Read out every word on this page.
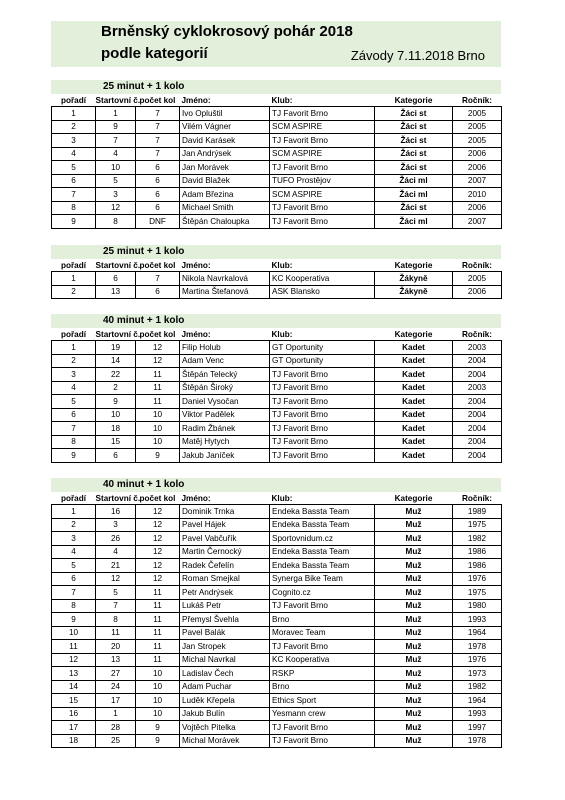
Brněnský cyklokrosový pohár 2018
podle kategorií	Závody 7.11.2018 Brno
25 minut + 1 kolo
pořadí	Startovní č.	počet kol	Jméno:	Klub:	Kategorie	Ročník:
1	1	7	Ivo Opluštil	TJ Favorit Brno	Žáci st	2005
2	9	7	Vilém Vágner	SCM ASPIRE	Žáci st	2005
3	7	7	David Karásek	TJ Favorit Brno	Žáci st	2005
4	4	7	Jan Andrýsek	SCM ASPIRE	Žáci st	2006
5	10	6	Jan Morávek	TJ Favorit Brno	Žáci st	2006
6	5	6	David Blažek	TUFO Prostějov	Žáci ml	2007
7	3	6	Adam Březina	SCM ASPIRE	Žáci ml	2010
8	12	6	Michael Smith	TJ Favorit Brno	Žáci st	2006
9	8	DNF	Štěpán Chaloupka	TJ Favorit Brno	Žáci ml	2007
25 minut + 1 kolo
pořadí	Startovní č.	počet kol	Jméno:	Klub:	Kategorie	Ročník:
1	6	7	Nikola Navrkalová	KC Kooperativa	Žákyně	2005
2	13	6	Martina Štefanová	ASK Blansko	Žákyně	2006
40 minut + 1 kolo
pořadí	Startovní č.	počet kol	Jméno:	Klub:	Kategorie	Ročník:
1	19	12	Filip Holub	GT Oportunity	Kadet	2003
2	14	12	Adam Venc	GT Oportunity	Kadet	2004
3	22	11	Štěpán Telecký	TJ Favorit Brno	Kadet	2004
4	2	11	Štěpán Široký	TJ Favorit Brno	Kadet	2003
5	9	11	Daniel Vysočan	TJ Favorit Brno	Kadet	2004
6	10	10	Viktor Padělek	TJ Favorit Brno	Kadet	2004
7	18	10	Radim Žbánek	TJ Favorit Brno	Kadet	2004
8	15	10	Matěj Hytych	TJ Favorit Brno	Kadet	2004
9	6	9	Jakub Janíček	TJ Favorit Brno	Kadet	2004
40 minut + 1 kolo
pořadí	Startovní č.	počet kol	Jméno:	Klub:	Kategorie	Ročník:
1	16	12	Dominik Trnka	Endeka Bassta Team	Muž	1989
2	3	12	Pavel Hájek	Endeka Bassta Team	Muž	1975
3	26	12	Pavel Vabčuřík	Sportovnidum.cz	Muž	1982
4	4	12	Martin Černocký	Endeka Bassta Team	Muž	1986
5	21	12	Radek Čefelín	Endeka Bassta Team	Muž	1986
6	12	12	Roman Smejkal	Synerga Bike Team	Muž	1976
7	5	11	Petr Andrýsek	Cognito.cz	Muž	1975
8	7	11	Lukáš Petr	TJ Favorit Brno	Muž	1980
9	8	11	Přemysl Švehla	Brno	Muž	1993
10	11	11	Pavel Balák	Moravec Team	Muž	1964
11	20	11	Jan Stropek	TJ Favorit Brno	Muž	1978
12	13	11	Michal Navrkal	KC Kooperativa	Muž	1976
13	27	10	Ladislav Čech	RSKP	Muž	1973
14	24	10	Adam Puchar	Brno	Muž	1982
15	17	10	Luděk Křepela	Ethics Sport	Muž	1964
16	1	10	Jakub Bulín	Yesmann crew	Muž	1993
17	28	9	Vojtěch Pitelka	TJ Favorit Brno	Muž	1997
18	25	9	Michal Morávek	TJ Favorit Brno	Muž	1978
